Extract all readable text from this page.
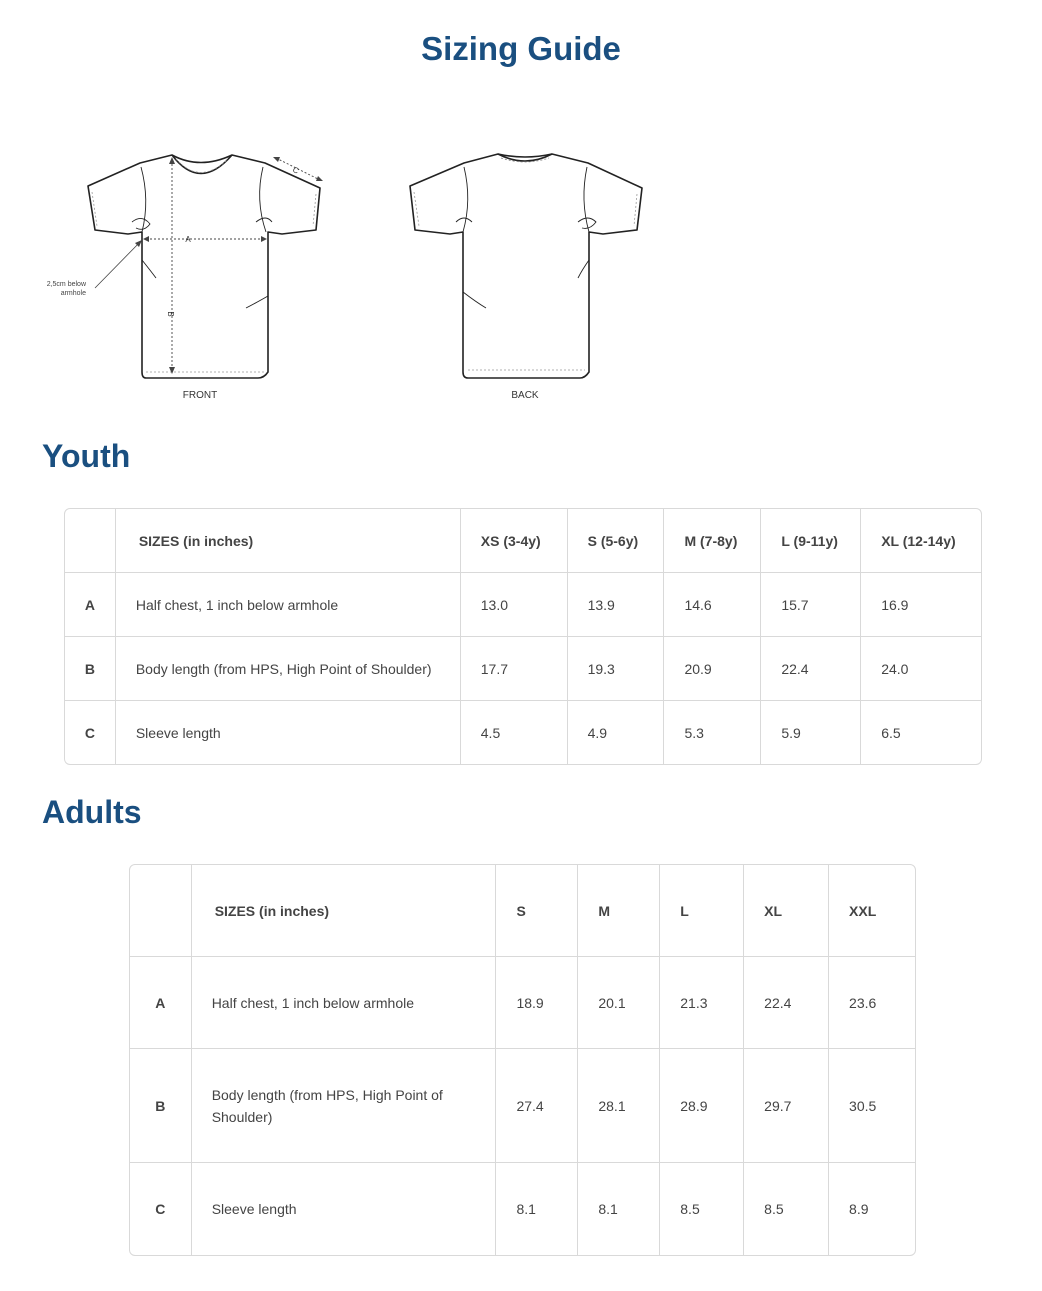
Sizing Guide
A
B
C
2,5cm below
armhole
FRONT	BACK
Youth
	SIZES (in inches)	XS (3-4y)	S (5-6y)	M (7-8y)	L (9-11y)	XL (12-14y)
A	Half chest, 1 inch below armhole	13.0	13.9	14.6	15.7	16.9
B	Body length (from HPS, High Point of Shoulder)	17.7	19.3	20.9	22.4	24.0
C	Sleeve length	4.5	4.9	5.3	5.9	6.5
Adults
	SIZES (in inches)	S	M	L	XL	XXL
A	Half chest, 1 inch below armhole	18.9	20.1	21.3	22.4	23.6
B	Body length (from HPS, High Point of Shoulder)	27.4	28.1	28.9	29.7	30.5
C	Sleeve length	8.1	8.1	8.5	8.5	8.9
